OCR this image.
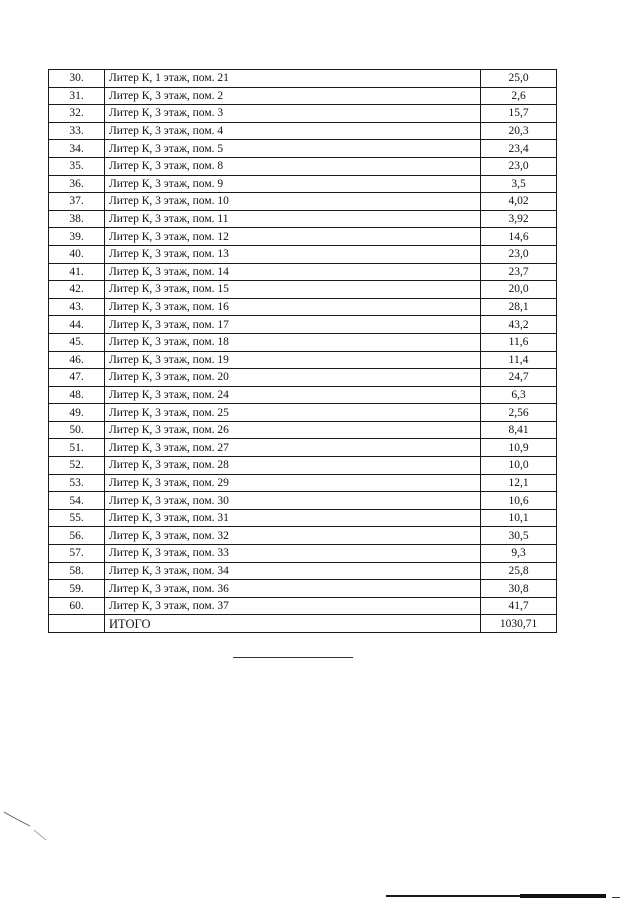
30.	Литер К, 1 этаж, пом. 21	25,0
31.	Литер К, 3 этаж, пом. 2	2,6
32.	Литер К, 3 этаж, пом. 3	15,7
33.	Литер К, 3 этаж, пом. 4	20,3
34.	Литер К, 3 этаж, пом. 5	23,4
35.	Литер К, 3 этаж, пом. 8	23,0
36.	Литер К, 3 этаж, пом. 9	3,5
37.	Литер К, 3 этаж, пом. 10	4,02
38.	Литер К, 3 этаж, пом. 11	3,92
39.	Литер К, 3 этаж, пом. 12	14,6
40.	Литер К, 3 этаж, пом. 13	23,0
41.	Литер К, 3 этаж, пом. 14	23,7
42.	Литер К, 3 этаж, пом. 15	20,0
43.	Литер К, 3 этаж, пом. 16	28,1
44.	Литер К, 3 этаж, пом. 17	43,2
45.	Литер К, 3 этаж, пом. 18	11,6
46.	Литер К, 3 этаж, пом. 19	11,4
47.	Литер К, 3 этаж, пом. 20	24,7
48.	Литер К, 3 этаж, пом. 24	6,3
49.	Литер К, 3 этаж, пом. 25	2,56
50.	Литер К, 3 этаж, пом. 26	8,41
51.	Литер К, 3 этаж, пом. 27	10,9
52.	Литер К, 3 этаж, пом. 28	10,0
53.	Литер К, 3 этаж, пом. 29	12,1
54.	Литер К, 3 этаж, пом. 30	10,6
55.	Литер К, 3 этаж, пом. 31	10,1
56.	Литер К, 3 этаж, пом. 32	30,5
57.	Литер К, 3 этаж, пом. 33	9,3
58.	Литер К, 3 этаж, пом. 34	25,8
59.	Литер К, 3 этаж, пом. 36	30,8
60.	Литер К, 3 этаж, пом. 37	41,7
	ИТОГО	1030,71
